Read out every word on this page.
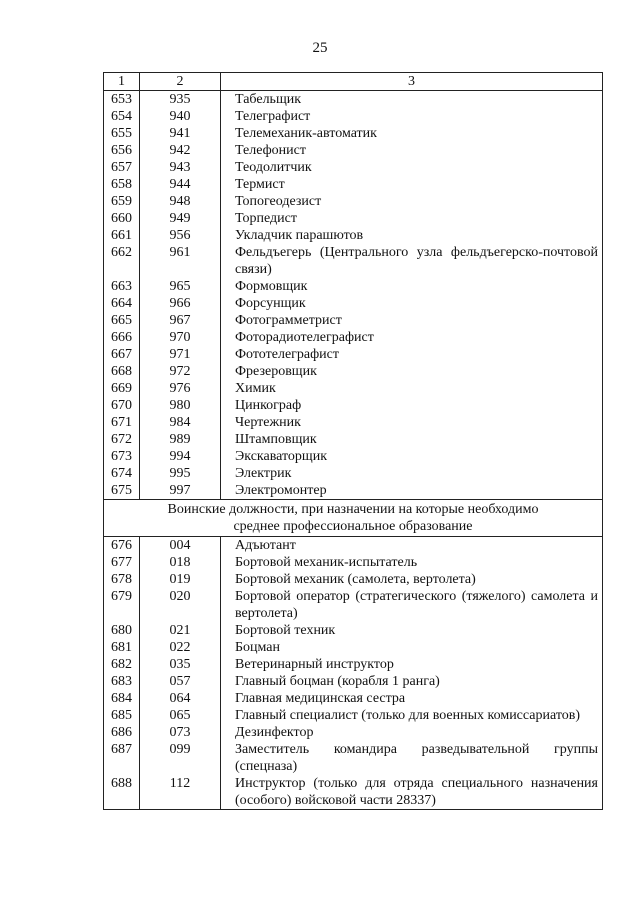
25
1	2	3
653	935	Табельщик
654	940	Телеграфист
655	941	Телемеханик-автоматик
656	942	Телефонист
657	943	Теодолитчик
658	944	Термист
659	948	Топогеодезист
660	949	Торпедист
661	956	Укладчик парашютов
662	961	Фельдъегерь (Центрального узла фельдъегерско-почтовой связи)
663	965	Формовщик
664	966	Форсунщик
665	967	Фотограмметрист
666	970	Фоторадиотелеграфист
667	971	Фототелеграфист
668	972	Фрезеровщик
669	976	Химик
670	980	Цинкограф
671	984	Чертежник
672	989	Штамповщик
673	994	Экскаваторщик
674	995	Электрик
675	997	Электромонтер
Воинские должности, при назначении на которые необходимо среднее профессиональное образование		
676	004	Адъютант
677	018	Бортовой механик-испытатель
678	019	Бортовой механик (самолета, вертолета)
679	020	Бортовой оператор (стратегического (тяжелого) самолета и вертолета)
680	021	Бортовой техник
681	022	Боцман
682	035	Ветеринарный инструктор
683	057	Главный боцман (корабля 1 ранга)
684	064	Главная медицинская сестра
685	065	Главный специалист (только для военных комиссариатов)
686	073	Дезинфектор
687	099	Заместитель командира разведывательной группы (спецназа)
688	112	Инструктор (только для отряда специального назначения (особого) войсковой части 28337)
